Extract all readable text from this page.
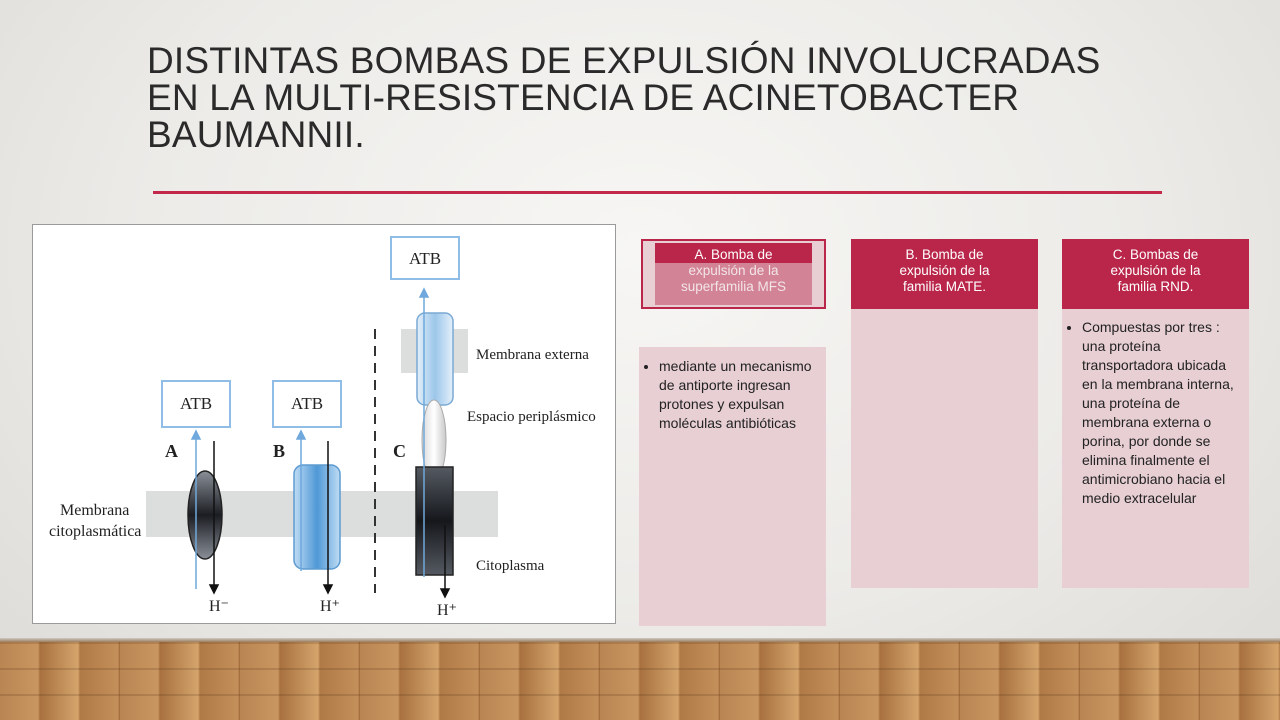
DISTINTAS BOMBAS DE EXPULSIÓN INVOLUCRADAS
EN LA MULTI-RESISTENCIA DE ACINETOBACTER
BAUMANNII.
ATB	ATB
ATB
A	B	C
H⁻	H⁺	H⁺
Membrana
citoplasmática
Membrana externa
Espacio periplásmico
Citoplasma
A. Bomba de
• mediante un mecanismo de antiporte ingresan protones y expulsan moléculas antibióticas
B. Bomba de
expulsión de la
familia MATE.
C. Bombas de
expulsión de la
familia RND.
• Compuestas por tres : una proteína transportadora ubicada en la membrana interna, una proteína de membrana externa o porina, por donde se elimina finalmente el antimicrobiano hacia el medio extracelular
